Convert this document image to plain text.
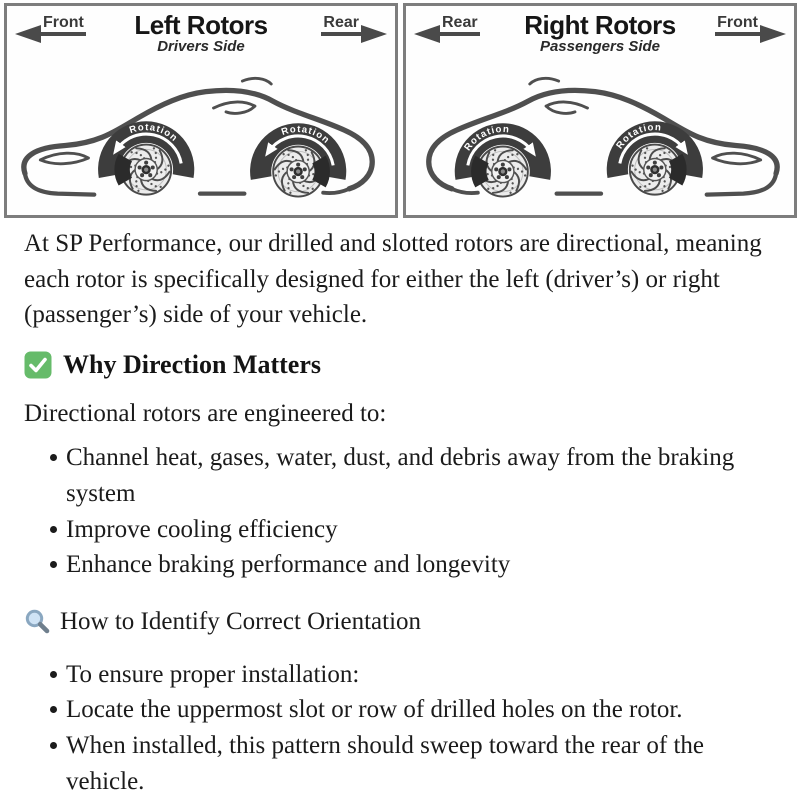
Front	Left Rotors
Drivers Side
Rear
Rotation	Rotation
Rear	Right Rotors
Passengers Side
Front
Rotation
Rotation

At SP Performance, our drilled and slotted rotors are directional, meaning each rotor is specifically designed for either the left (driver’s) or right (passenger’s) side of your vehicle.

Why Direction Matters

Directional rotors are engineered to:

Channel heat, gases, water, dust, and debris away from the braking system
Improve cooling efficiency
Enhance braking performance and longevity
How to Identify Correct Orientation
To ensure proper installation:
Locate the uppermost slot or row of drilled holes on the rotor.
When installed, this pattern should sweep toward the rear of the vehicle.
